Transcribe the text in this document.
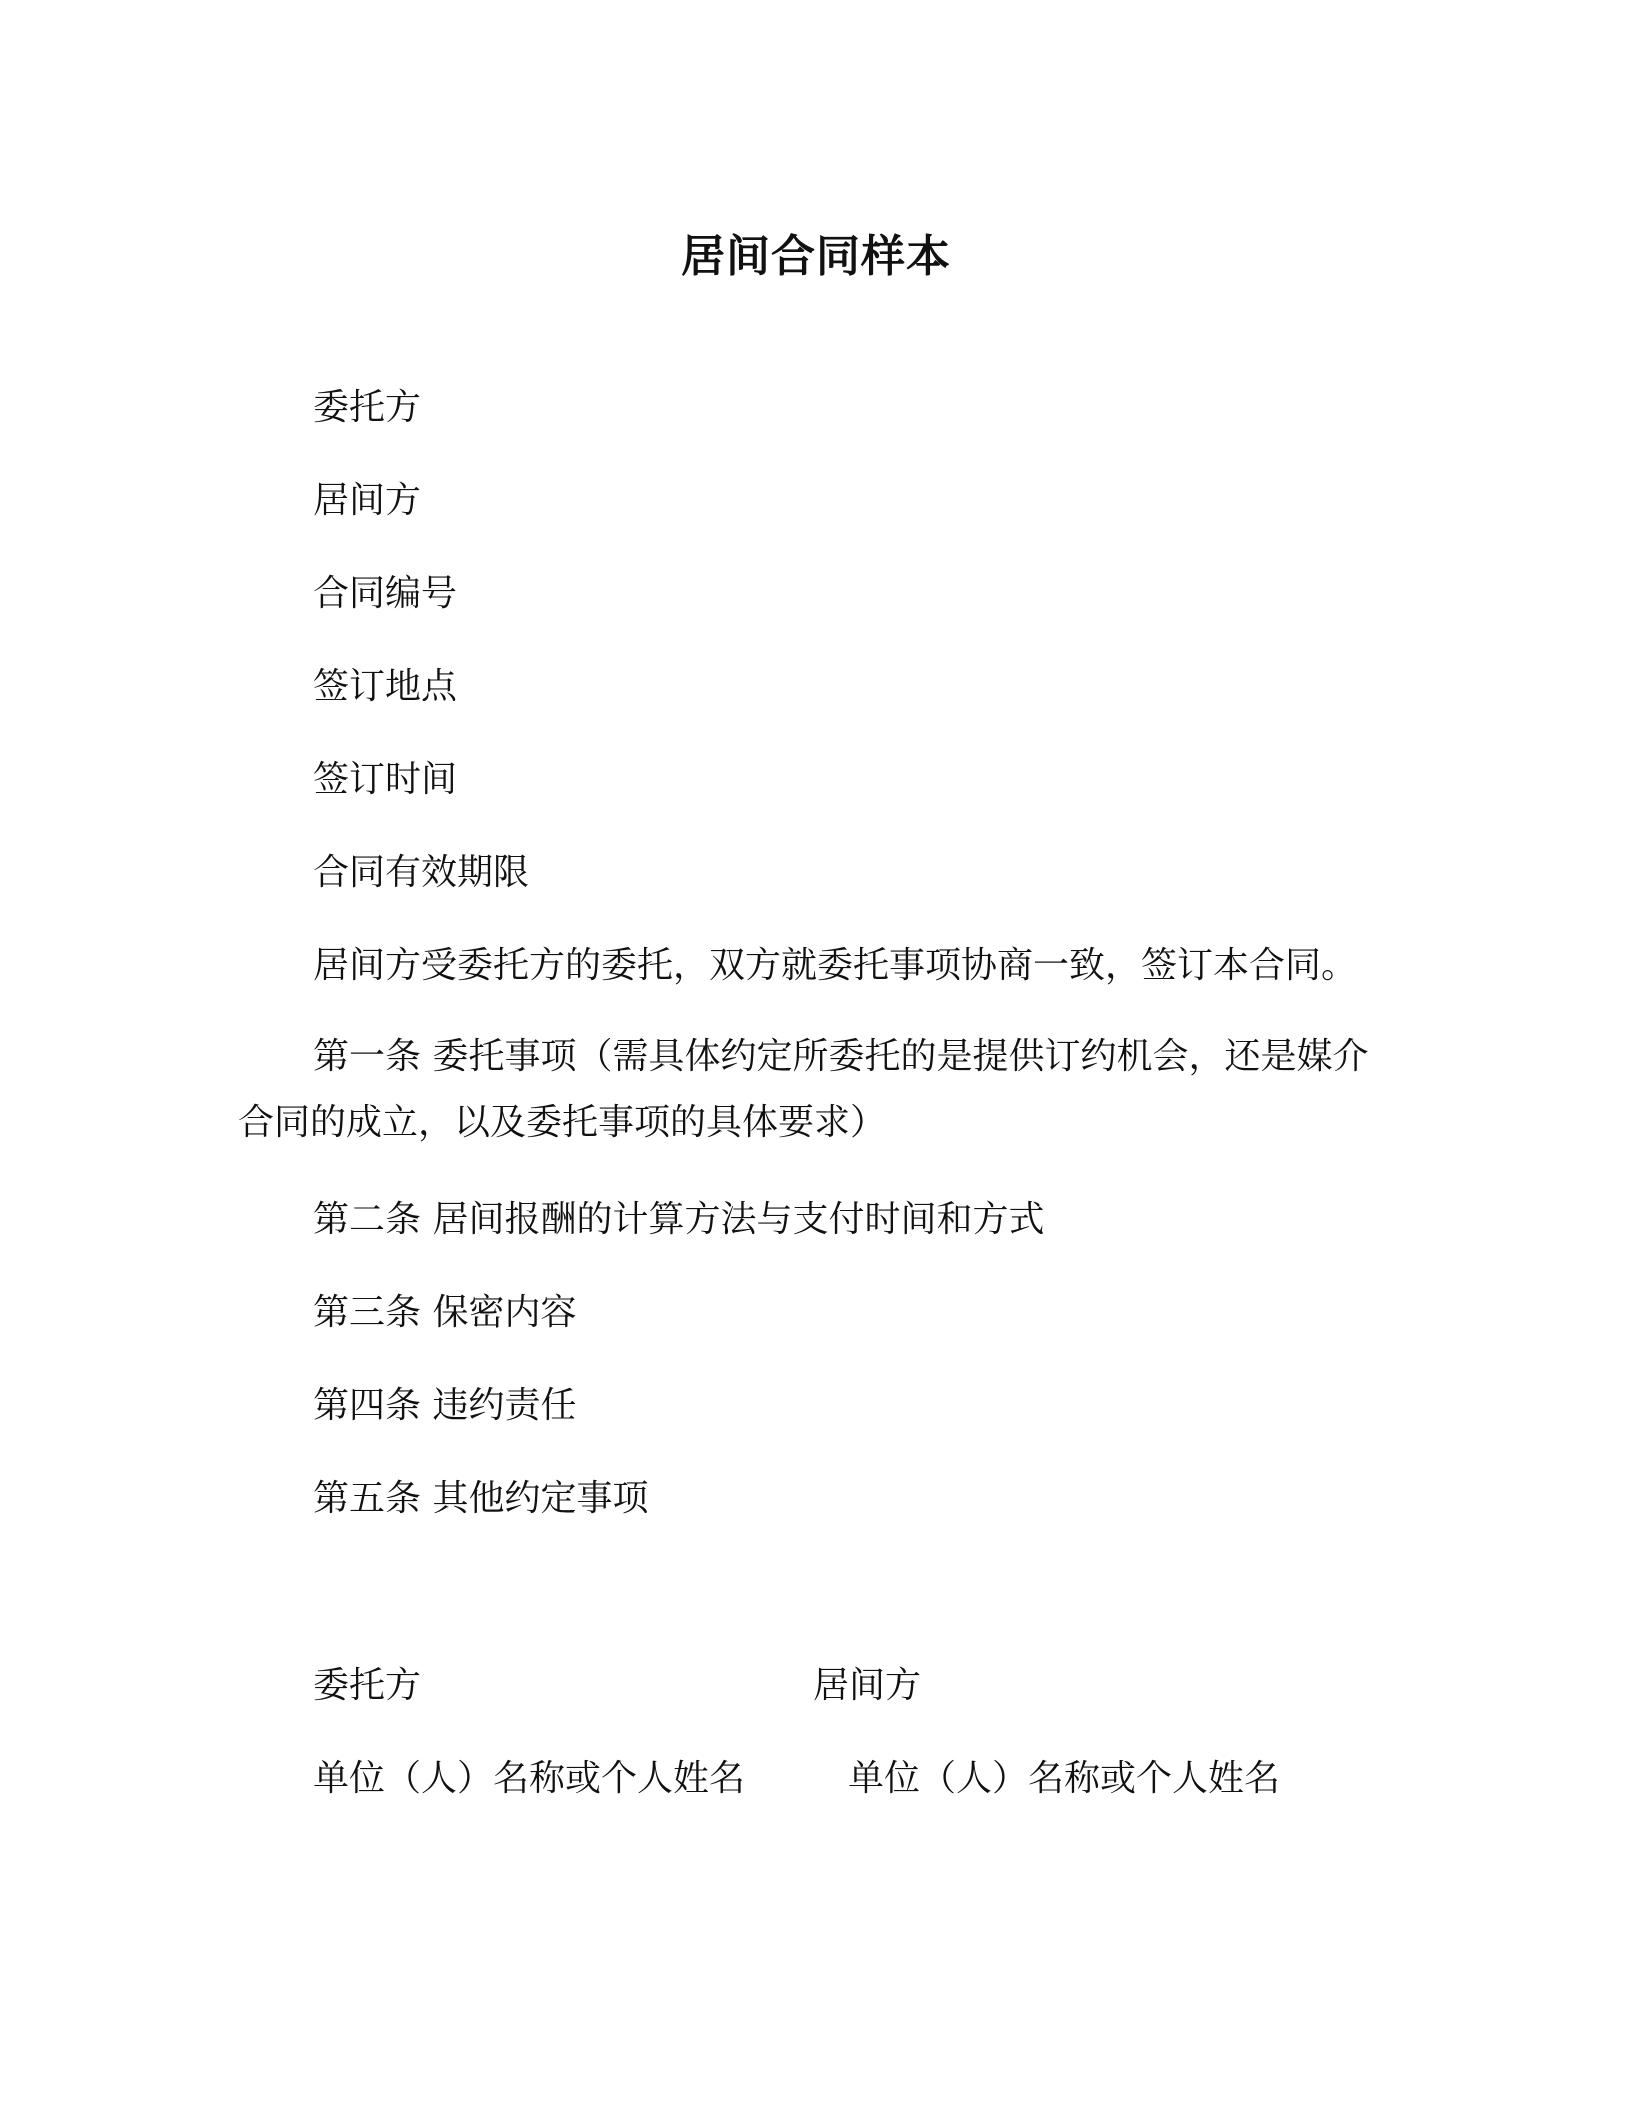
居间合同样本

委托方

居间方

合同编号

签订地点

签订时间

合同有效期限

居间方受委托方的委托，双方就委托事项协商一致，签订本合同。

第一条 委托事项（需具体约定所委托的是提供订约机会，还是媒介合同的成立，以及委托事项的具体要求）

第二条 居间报酬的计算方法与支付时间和方式

第三条 保密内容

第四条 违约责任

第五条 其他约定事项

委托方	居间方
单位（人）名称或个人姓名	单位（人）名称或个人姓名
